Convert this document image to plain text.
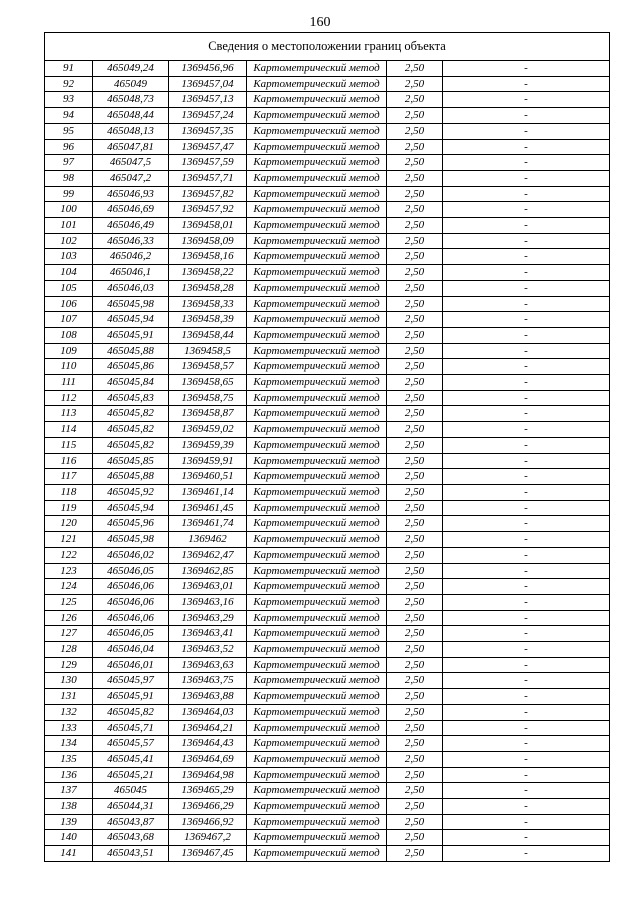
160
Сведения о местоположении границ объекта					
91	465049,24	1369456,96	Картометрический метод	2,50	-
92	465049	1369457,04	Картометрический метод	2,50	-
93	465048,73	1369457,13	Картометрический метод	2,50	-
94	465048,44	1369457,24	Картометрический метод	2,50	-
95	465048,13	1369457,35	Картометрический метод	2,50	-
96	465047,81	1369457,47	Картометрический метод	2,50	-
97	465047,5	1369457,59	Картометрический метод	2,50	-
98	465047,2	1369457,71	Картометрический метод	2,50	-
99	465046,93	1369457,82	Картометрический метод	2,50	-
100	465046,69	1369457,92	Картометрический метод	2,50	-
101	465046,49	1369458,01	Картометрический метод	2,50	-
102	465046,33	1369458,09	Картометрический метод	2,50	-
103	465046,2	1369458,16	Картометрический метод	2,50	-
104	465046,1	1369458,22	Картометрический метод	2,50	-
105	465046,03	1369458,28	Картометрический метод	2,50	-
106	465045,98	1369458,33	Картометрический метод	2,50	-
107	465045,94	1369458,39	Картометрический метод	2,50	-
108	465045,91	1369458,44	Картометрический метод	2,50	-
109	465045,88	1369458,5	Картометрический метод	2,50	-
110	465045,86	1369458,57	Картометрический метод	2,50	-
111	465045,84	1369458,65	Картометрический метод	2,50	-
112	465045,83	1369458,75	Картометрический метод	2,50	-
113	465045,82	1369458,87	Картометрический метод	2,50	-
114	465045,82	1369459,02	Картометрический метод	2,50	-
115	465045,82	1369459,39	Картометрический метод	2,50	-
116	465045,85	1369459,91	Картометрический метод	2,50	-
117	465045,88	1369460,51	Картометрический метод	2,50	-
118	465045,92	1369461,14	Картометрический метод	2,50	-
119	465045,94	1369461,45	Картометрический метод	2,50	-
120	465045,96	1369461,74	Картометрический метод	2,50	-
121	465045,98	1369462	Картометрический метод	2,50	-
122	465046,02	1369462,47	Картометрический метод	2,50	-
123	465046,05	1369462,85	Картометрический метод	2,50	-
124	465046,06	1369463,01	Картометрический метод	2,50	-
125	465046,06	1369463,16	Картометрический метод	2,50	-
126	465046,06	1369463,29	Картометрический метод	2,50	-
127	465046,05	1369463,41	Картометрический метод	2,50	-
128	465046,04	1369463,52	Картометрический метод	2,50	-
129	465046,01	1369463,63	Картометрический метод	2,50	-
130	465045,97	1369463,75	Картометрический метод	2,50	-
131	465045,91	1369463,88	Картометрический метод	2,50	-
132	465045,82	1369464,03	Картометрический метод	2,50	-
133	465045,71	1369464,21	Картометрический метод	2,50	-
134	465045,57	1369464,43	Картометрический метод	2,50	-
135	465045,41	1369464,69	Картометрический метод	2,50	-
136	465045,21	1369464,98	Картометрический метод	2,50	-
137	465045	1369465,29	Картометрический метод	2,50	-
138	465044,31	1369466,29	Картометрический метод	2,50	-
139	465043,87	1369466,92	Картометрический метод	2,50	-
140	465043,68	1369467,2	Картометрический метод	2,50	-
141	465043,51	1369467,45	Картометрический метод	2,50	-
